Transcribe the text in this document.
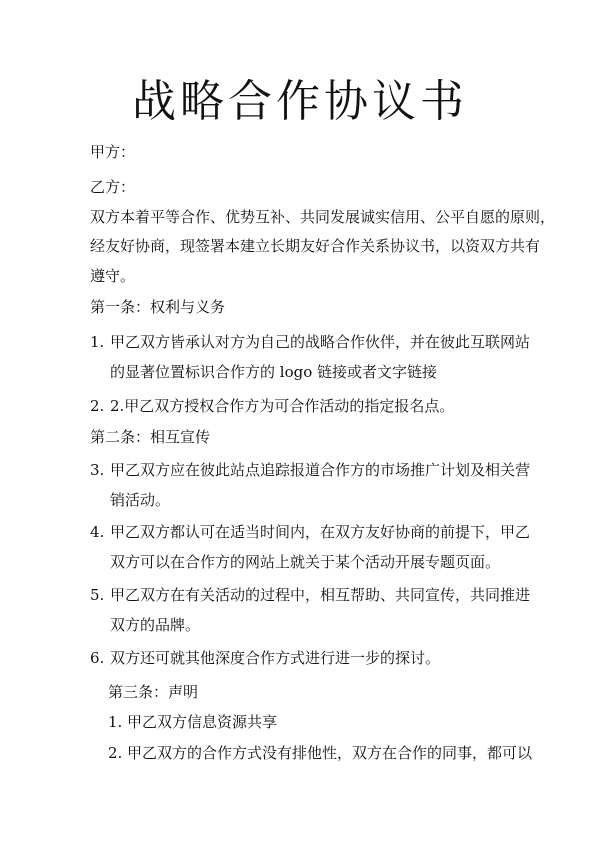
战略合作协议书
甲方：
乙方：
双方本着平等合作、优势互补、共同发展诚实信用、公平自愿的原则，
经友好协商，现签署本建立长期友好合作关系协议书，以资双方共有
遵守。
第一条：权利与义务
1. 甲乙双方皆承认对方为自己的战略合作伙伴，并在彼此互联网站
的显著位置标识合作方的 logo 链接或者文字链接
2. 2.甲乙双方授权合作方为可合作活动的指定报名点。
第二条：相互宣传
3. 甲乙双方应在彼此站点追踪报道合作方的市场推广计划及相关营
销活动。
4. 甲乙双方都认可在适当时间内，在双方友好协商的前提下，甲乙
双方可以在合作方的网站上就关于某个活动开展专题页面。
5. 甲乙双方在有关活动的过程中，相互帮助、共同宣传，共同推进
双方的品牌。
6. 双方还可就其他深度合作方式进行进一步的探讨。
第三条：声明
1. 甲乙双方信息资源共享
2. 甲乙双方的合作方式没有排他性，双方在合作的同事，都可以
